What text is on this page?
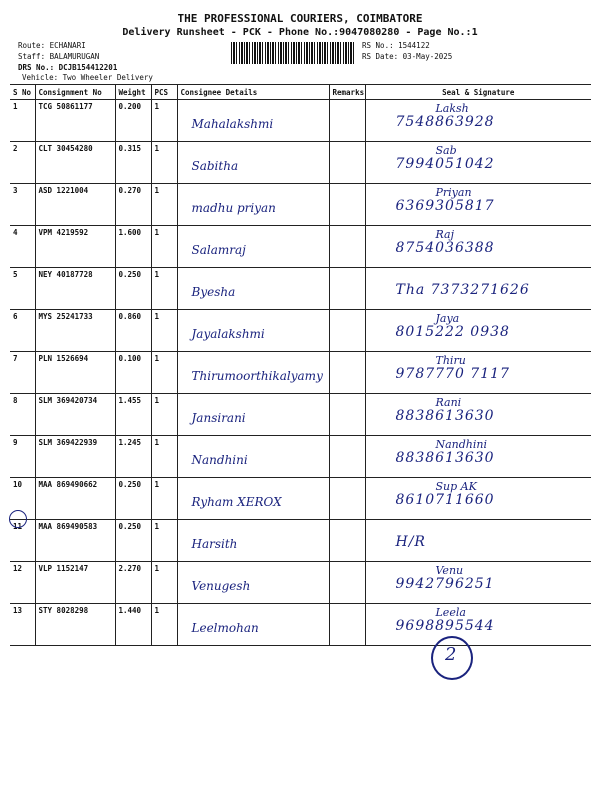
THE PROFESSIONAL COURIERS, COIMBATORE
Delivery Runsheet - PCK - Phone No.:9047080280 - Page No.:1
Route: ECHANARI
Staff: BALAMURUGAN
DRS No.: DCJB154412201
Vehicle: Two Wheeler Delivery
RS No.: 1544122
RS Date: 03-May-2025
S No	Consignment No	Weight	PCS	Consignee Details	Remarks	Seal & Signature
1	TCG 50861177	0.200	1	Mahalakshmi		Laksh
7548863928

2	CLT 30454280	0.315	1	Sabitha		Sab
7994051042

3	ASD 1221004	0.270	1	madhu priyan		Priyan
6369305817

4	VPM 4219592	1.600	1	Salamraj		Raj
8754036388

5	NEY 40187728	0.250	1	Byesha		Tha 7373271626

6	MYS 25241733	0.860	1	Jayalakshmi		Jaya
8015222 0938

7	PLN 1526694	0.100	1	Thirumoorthikalyamy		Thiru
9787770 7117

8	SLM 369420734	1.455	1	Jansirani		Rani
8838613630

9	SLM 369422939	1.245	1	Nandhini		Nandhini
8838613630

10	MAA 869490662	0.250	1	Ryham XEROX		Sup AK
8610711660

11	MAA 869490583	0.250	1	Harsith		H/R

12	VLP 1152147	2.270	1	Venugesh		Venu
9942796251

13	STY 8028298	1.440	1	Leelmohan		Leela
9698895544
2
